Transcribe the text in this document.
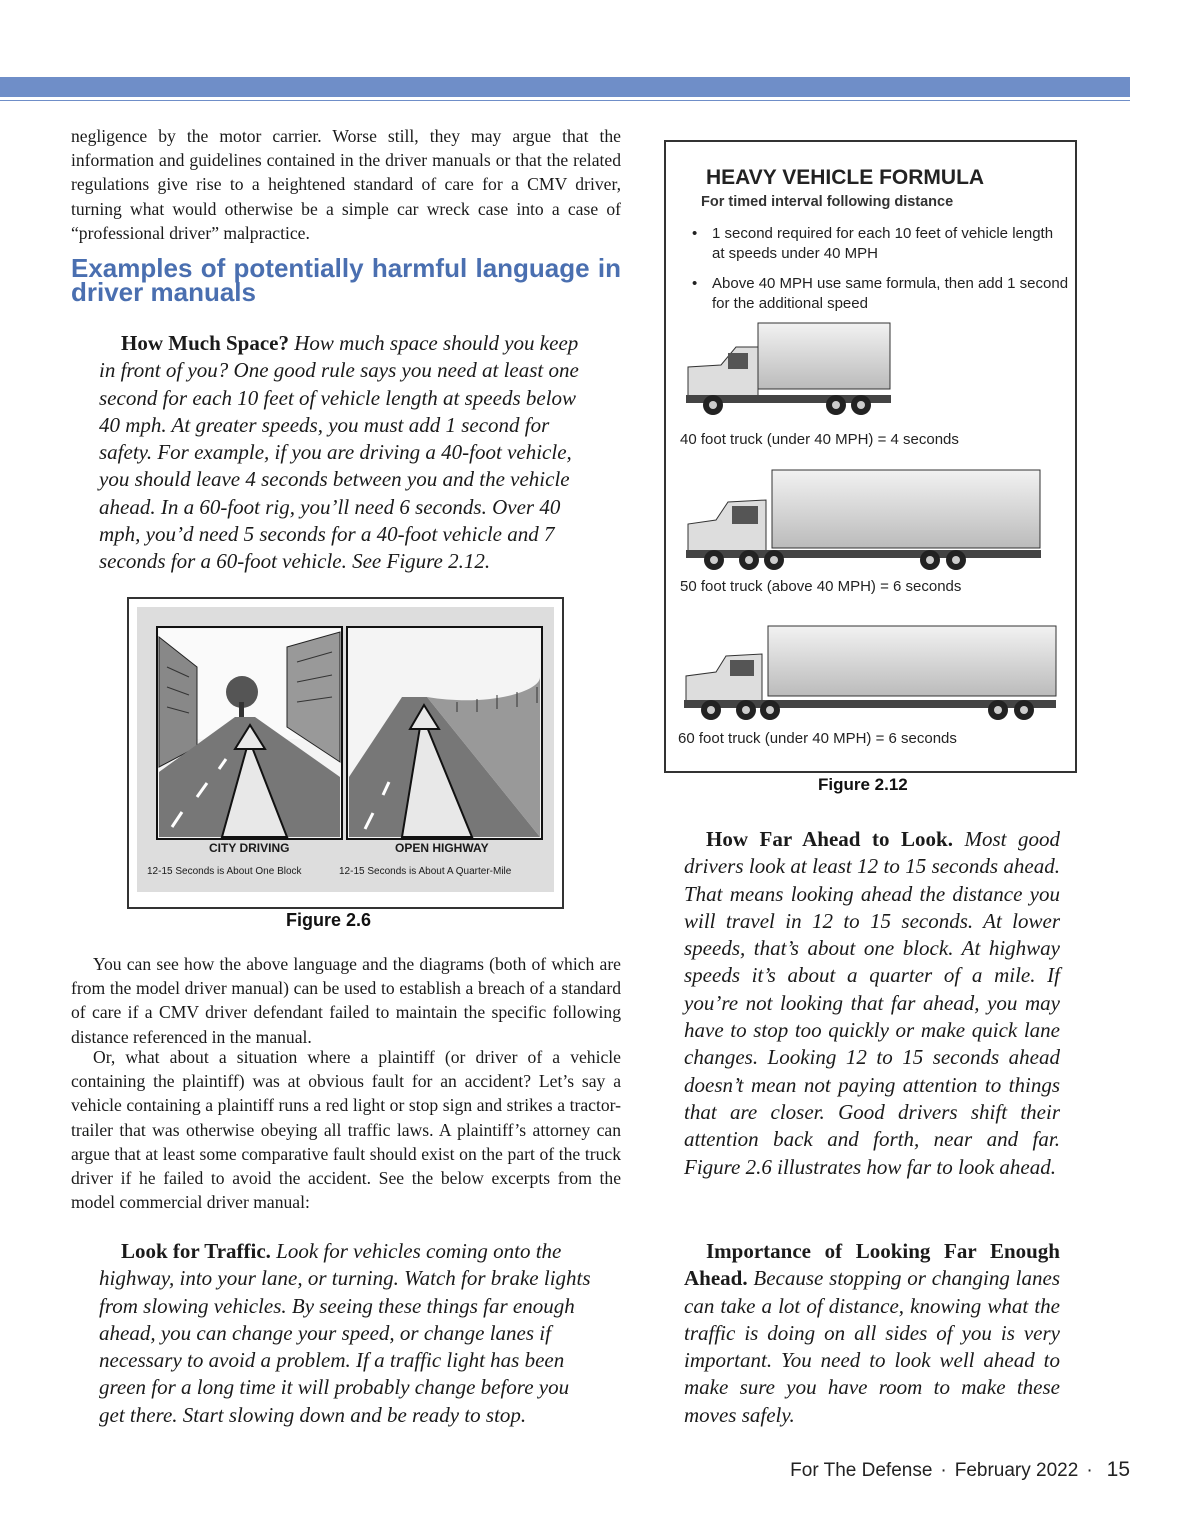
negligence by the motor carrier. Worse still, they may argue that the information and guidelines contained in the driver manuals or that the related regulations give rise to a heightened standard of care for a CMV driver, turning what would otherwise be a simple car wreck case into a case of “professional driver” malpractice.

Examples of potentially harmful language in driver manuals

How Much Space? How much space should you keep in front of you? One good rule says you need at least one second for each 10 feet of vehicle length at speeds below 40 mph. At greater speeds, you must add 1 second for safety. For example, if you are driving a 40-foot vehicle, you should leave 4 seconds between you and the vehicle ahead. In a 60-foot rig, you’ll need 6 seconds. Over 40 mph, you’d need 5 seconds for a 40-foot vehicle and 7 seconds for a 60-foot vehicle. See Figure 2.12.

CITY DRIVING	OPEN HIGHWAY
12-15 Seconds is About One Block	12-15 Seconds is About A Quarter-Mile
Figure 2.6

You can see how the above language and the diagrams (both of which are from the model driver manual) can be used to establish a breach of a standard of care if a CMV driver defendant failed to maintain the specific following distance referenced in the manual.

Or, what about a situation where a plaintiff (or driver of a vehicle containing the plaintiff) was at obvious fault for an accident? Let’s say a vehicle containing a plaintiff runs a red light or stop sign and strikes a tractor-trailer that was otherwise obeying all traffic laws. A plaintiff’s attorney can argue that at least some comparative fault should exist on the part of the truck driver if he failed to avoid the accident. See the below excerpts from the model commercial driver manual:

Look for Traffic. Look for vehicles coming onto the highway, into your lane, or turning. Watch for brake lights from slowing vehicles. By seeing these things far enough ahead, you can change your speed, or change lanes if necessary to avoid a problem. If a traffic light has been green for a long time it will probably change before you get there. Start slowing down and be ready to stop.

HEAVY VEHICLE FORMULA
For timed interval following distance
• 1 second required for each 10 feet of vehicle length at speeds under 40 MPH
• Above 40 MPH use same formula, then add 1 second for the additional speed
40 foot truck (under 40 MPH) = 4 seconds
50 foot truck (above 40 MPH) = 6 seconds
60 foot truck (under 40 MPH) = 6 seconds
Figure 2.12

How Far Ahead to Look. Most good drivers look at least 12 to 15 seconds ahead. That means looking ahead the distance you will travel in 12 to 15 seconds. At lower speeds, that’s about one block. At highway speeds it’s about a quarter of a mile. If you’re not looking that far ahead, you may have to stop too quickly or make quick lane changes. Looking 12 to 15 seconds ahead doesn’t mean not paying attention to things that are closer. Good drivers shift their attention back and forth, near and far. Figure 2.6 illustrates how far to look ahead.

Importance of Looking Far Enough Ahead. Because stopping or changing lanes can take a lot of distance, knowing what the traffic is doing on all sides of you is very important. You need to look well ahead to make sure you have room to make these moves safely.

For The Defense · February 2022 · 15
